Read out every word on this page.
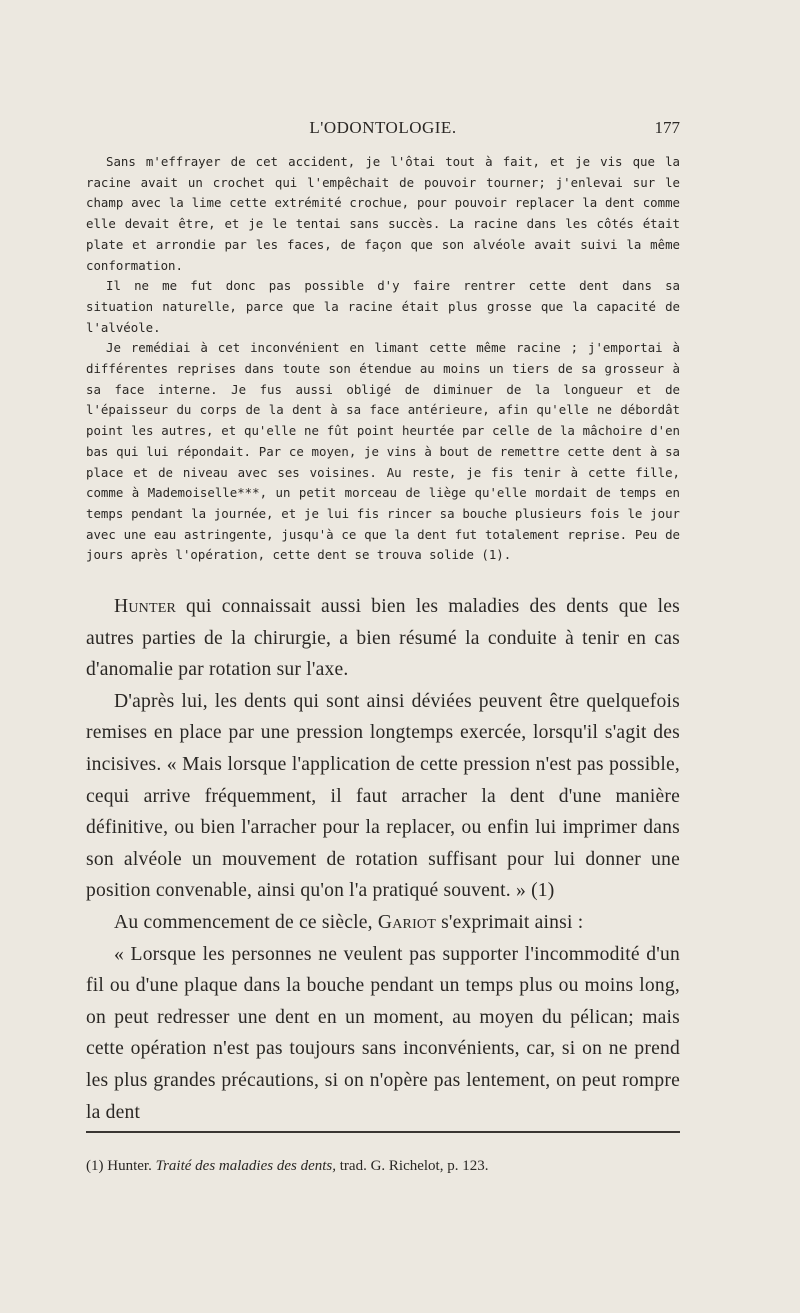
L'ODONTOLOGIE.	177

Sans m'effrayer de cet accident, je l'ôtai tout à fait, et je vis que la racine avait un crochet qui l'empêchait de pouvoir tourner; j'enlevai sur le champ avec la lime cette extrémité crochue, pour pouvoir replacer la dent comme elle devait être, et je le tentai sans succès. La racine dans les côtés était plate et arrondie par les faces, de façon que son alvéole avait suivi la même conformation.

Il ne me fut donc pas possible d'y faire rentrer cette dent dans sa situation naturelle, parce que la racine était plus grosse que la capacité de l'alvéole.

Je remédiai à cet inconvénient en limant cette même racine ; j'emportai à différentes reprises dans toute son étendue au moins un tiers de sa grosseur à sa face interne. Je fus aussi obligé de diminuer de la longueur et de l'épaisseur du corps de la dent à sa face antérieure, afin qu'elle ne débordât point les autres, et qu'elle ne fût point heurtée par celle de la mâchoire d'en bas qui lui répondait. Par ce moyen, je vins à bout de remettre cette dent à sa place et de niveau avec ses voisines. Au reste, je fis tenir à cette fille, comme à Mademoiselle***, un petit morceau de liège qu'elle mordait de temps en temps pendant la journée, et je lui fis rincer sa bouche plusieurs fois le jour avec une eau astringente, jusqu'à ce que la dent fut totalement reprise. Peu de jours après l'opération, cette dent se trouva solide (1).

Hunter qui connaissait aussi bien les maladies des dents que les autres parties de la chirurgie, a bien résumé la conduite à tenir en cas d'anomalie par rotation sur l'axe.

D'après lui, les dents qui sont ainsi déviées peuvent être quelquefois remises en place par une pression longtemps exercée, lorsqu'il s'agit des incisives. « Mais lorsque l'application de cette pression n'est pas possible, cequi arrive fréquemment, il faut arracher la dent d'une manière définitive, ou bien l'arracher pour la replacer, ou enfin lui imprimer dans son alvéole un mouvement de rotation suffisant pour lui donner une position convenable, ainsi qu'on l'a pratiqué souvent. » (1)

Au commencement de ce siècle, Gariot s'exprimait ainsi :

« Lorsque les personnes ne veulent pas supporter l'incommodité d'un fil ou d'une plaque dans la bouche pendant un temps plus ou moins long, on peut redresser une dent en un moment, au moyen du pélican; mais cette opération n'est pas toujours sans inconvénients, car, si on ne prend les plus grandes précautions, si on n'opère pas lentement, on peut rompre la dent

(1) Hunter. Traité des maladies des dents, trad. G. Richelot, p. 123.
